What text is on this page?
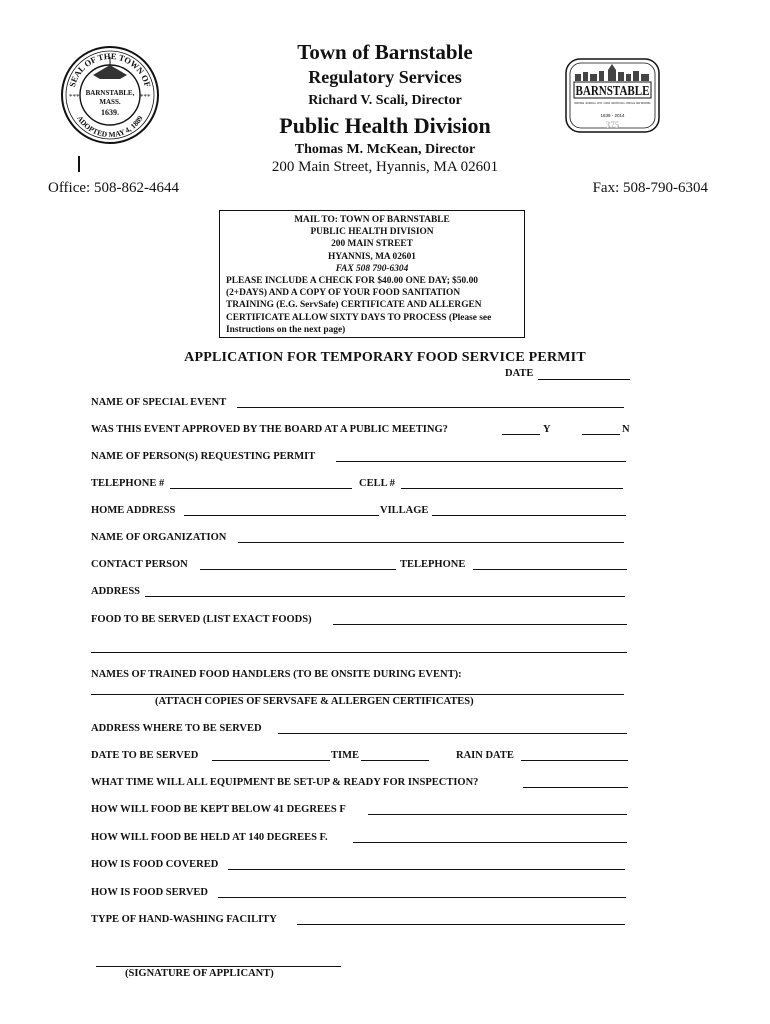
SEAL OF THE TOWN OF
ADOPTED MAY 4, 1889
BARNSTABLE,
MASS.
1639.
***	***
Town of Barnstable
Regulatory Services
Richard V. Scali, Director
Public Health Division
Thomas M. McKean, Director
200 Main Street, Hyannis, MA 02601
Office: 508-862-4644	Fax: 508-790-6304
BARNSTABLE
BARNSTABLE · CENTERVILLE · COTUIT · HYANNIS · MARSTONS MILLS · OSTERVILLE · WEST BARNSTABLE
1639 - 2014
375
MAIL TO: TOWN OF BARNSTABLE
PUBLIC HEALTH DIVISION
200 MAIN STREET
HYANNIS, MA 02601
FAX 508 790-6304
PLEASE INCLUDE A CHECK FOR $40.00 ONE DAY; $50.00
(2+DAYS) AND A COPY OF YOUR FOOD SANITATION
TRAINING (E.G. ServSafe) CERTIFICATE AND ALLERGEN
CERTIFICATE ALLOW SIXTY DAYS TO PROCESS (Please see
Instructions on the next page)
APPLICATION FOR TEMPORARY FOOD SERVICE PERMIT
DATE
NAME OF SPECIAL EVENT
WAS THIS EVENT APPROVED BY THE BOARD AT A PUBLIC MEETING?	Y	N
NAME OF PERSON(S) REQUESTING PERMIT
TELEPHONE #	CELL #
HOME ADDRESS	VILLAGE
NAME OF ORGANIZATION
CONTACT PERSON	TELEPHONE
ADDRESS
FOOD TO BE SERVED (LIST EXACT FOODS)
NAMES OF TRAINED FOOD HANDLERS (TO BE ONSITE DURING EVENT):
(ATTACH COPIES OF SERVSAFE & ALLERGEN CERTIFICATES)
ADDRESS WHERE TO BE SERVED
DATE TO BE SERVED	TIME	RAIN DATE
WHAT TIME WILL ALL EQUIPMENT BE SET-UP & READY FOR INSPECTION?
HOW WILL FOOD BE KEPT BELOW 41 DEGREES F
HOW WILL FOOD BE HELD AT 140 DEGREES F.
HOW IS FOOD COVERED
HOW IS FOOD SERVED
TYPE OF HAND-WASHING FACILITY
(SIGNATURE OF APPLICANT)
